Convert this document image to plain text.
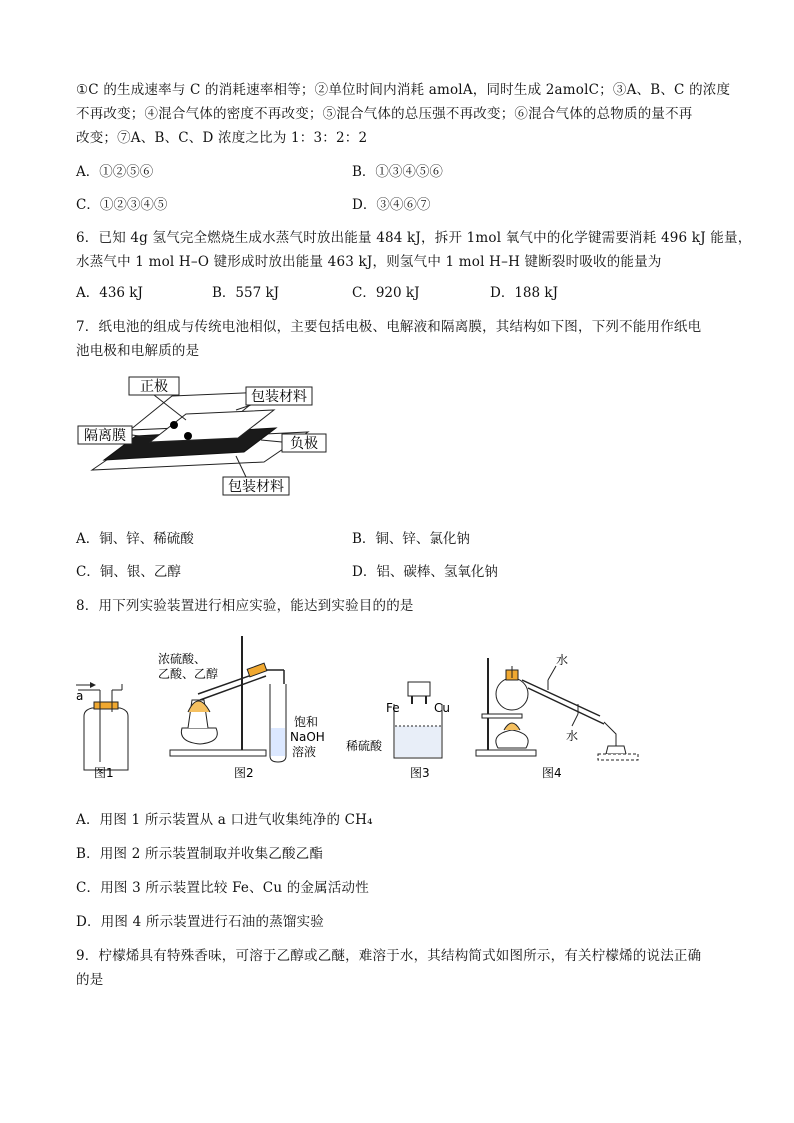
①C 的生成速率与 C 的消耗速率相等；②单位时间内消耗 amolA，同时生成 2amolC；③A、B、C 的浓度
不再改变；④混合气体的密度不再改变；⑤混合气体的总压强不再改变；⑥混合气体的总物质的量不再
改变；⑦A、B、C、D 浓度之比为 1：3：2：2
A．①②⑤⑥	B．①③④⑤⑥
C．①②③④⑤	D．③④⑥⑦
6．已知 4g 氢气完全燃烧生成水蒸气时放出能量 484 kJ，拆开 1mol 氧气中的化学键需要消耗 496 kJ 能量，
水蒸气中 1 mol H–O 键形成时放出能量 463 kJ，则氢气中 1 mol H–H 键断裂时吸收的能量为
A．436 kJ	B．557 kJ	C．920 kJ	D．188 kJ
7．纸电池的组成与传统电池相似，主要包括电极、电解液和隔离膜，其结构如下图，下列不能用作纸电
池电极和电解质的是
正极
包装材料
隔离膜	负极
包装材料
A．铜、锌、稀硫酸	B．铜、锌、氯化钠
C．铜、银、乙醇	D．铝、碳棒、氢氧化钠
8．用下列实验装置进行相应实验，能达到实验目的的是
a
图1
浓硫酸、
乙酸、乙醇
饱和
NaOH
溶液
图2
Fe	Cu
稀硫酸
图3
水
水
图4
A．用图 1 所示装置从 a 口进气收集纯净的 CH₄
B．用图 2 所示装置制取并收集乙酸乙酯
C．用图 3 所示装置比较 Fe、Cu 的金属活动性
D．用图 4 所示装置进行石油的蒸馏实验
9．柠檬烯具有特殊香味，可溶于乙醇或乙醚，难溶于水，其结构简式如图所示，有关柠檬烯的说法正确
的是
